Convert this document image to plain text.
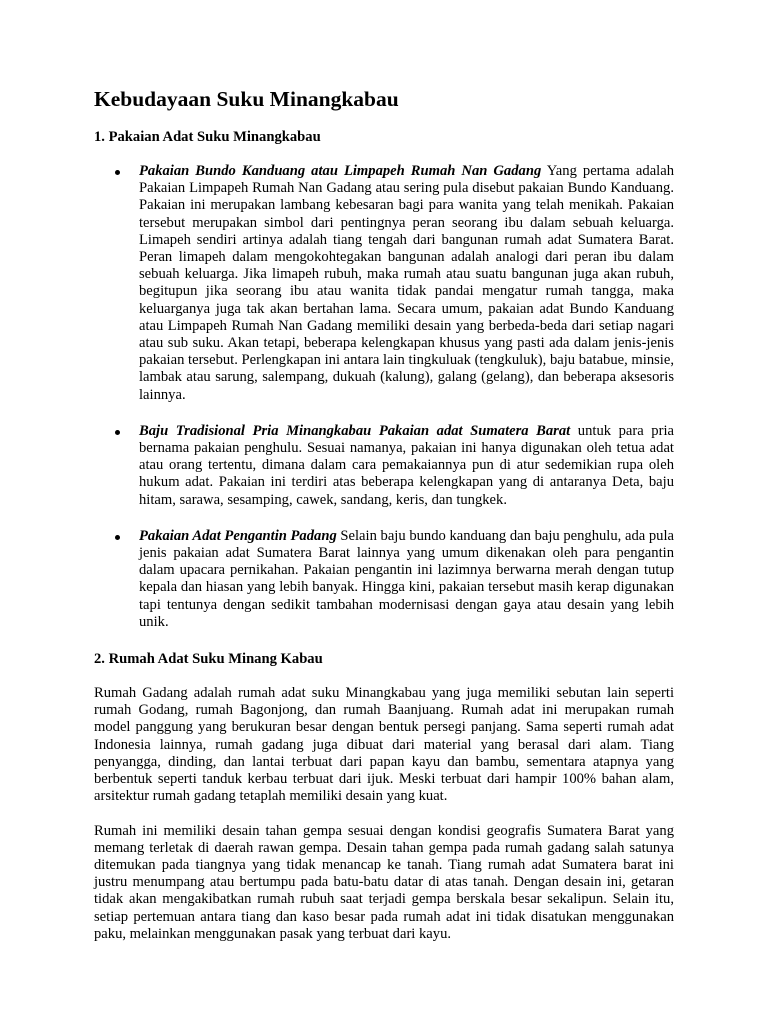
Kebudayaan Suku Minangkabau
1. Pakaian Adat Suku Minangkabau

Pakaian Bundo Kanduang atau Limpapeh Rumah Nan Gadang Yang pertama adalah Pakaian Limpapeh Rumah Nan Gadang atau sering pula disebut pakaian Bundo Kanduang. Pakaian ini merupakan lambang kebesaran bagi para wanita yang telah menikah. Pakaian tersebut merupakan simbol dari pentingnya peran seorang ibu dalam sebuah keluarga. Limapeh sendiri artinya adalah tiang tengah dari bangunan rumah adat Sumatera Barat. Peran limapeh dalam mengokohtegakan bangunan adalah analogi dari peran ibu dalam sebuah keluarga. Jika limapeh rubuh, maka rumah atau suatu bangunan juga akan rubuh, begitupun jika seorang ibu atau wanita tidak pandai mengatur rumah tangga, maka keluarganya juga tak akan bertahan lama. Secara umum, pakaian adat Bundo Kanduang atau Limpapeh Rumah Nan Gadang memiliki desain yang berbeda-beda dari setiap nagari atau sub suku. Akan tetapi, beberapa kelengkapan khusus yang pasti ada dalam jenis-jenis pakaian tersebut. Perlengkapan ini antara lain tingkuluak (tengkuluk), baju batabue, minsie, lambak atau sarung, salempang, dukuah (kalung), galang (gelang), dan beberapa aksesoris lainnya.

Baju Tradisional Pria Minangkabau Pakaian adat Sumatera Barat untuk para pria bernama pakaian penghulu. Sesuai namanya, pakaian ini hanya digunakan oleh tetua adat atau orang tertentu, dimana dalam cara pemakaiannya pun di atur sedemikian rupa oleh hukum adat. Pakaian ini terdiri atas beberapa kelengkapan yang di antaranya Deta, baju hitam, sarawa, sesamping, cawek, sandang, keris, dan tungkek.

Pakaian Adat Pengantin Padang Selain baju bundo kanduang dan baju penghulu, ada pula jenis pakaian adat Sumatera Barat lainnya yang umum dikenakan oleh para pengantin dalam upacara pernikahan. Pakaian pengantin ini lazimnya berwarna merah dengan tutup kepala dan hiasan yang lebih banyak. Hingga kini, pakaian tersebut masih kerap digunakan tapi tentunya dengan sedikit tambahan modernisasi dengan gaya atau desain yang lebih unik.

2. Rumah Adat Suku Minang Kabau

Rumah Gadang adalah rumah adat suku Minangkabau yang juga memiliki sebutan lain seperti rumah Godang, rumah Bagonjong, dan rumah Baanjuang. Rumah adat ini merupakan rumah model panggung yang berukuran besar dengan bentuk persegi panjang. Sama seperti rumah adat Indonesia lainnya, rumah gadang juga dibuat dari material yang berasal dari alam. Tiang penyangga, dinding, dan lantai terbuat dari papan kayu dan bambu, sementara atapnya yang berbentuk seperti tanduk kerbau terbuat dari ijuk. Meski terbuat dari hampir 100% bahan alam, arsitektur rumah gadang tetaplah memiliki desain yang kuat.

Rumah ini memiliki desain tahan gempa sesuai dengan kondisi geografis Sumatera Barat yang memang terletak di daerah rawan gempa. Desain tahan gempa pada rumah gadang salah satunya ditemukan pada tiangnya yang tidak menancap ke tanah. Tiang rumah adat Sumatera barat ini justru menumpang atau bertumpu pada batu-batu datar di atas tanah. Dengan desain ini, getaran tidak akan mengakibatkan rumah rubuh saat terjadi gempa berskala besar sekalipun. Selain itu, setiap pertemuan antara tiang dan kaso besar pada rumah adat ini tidak disatukan menggunakan paku, melainkan menggunakan pasak yang terbuat dari kayu.
